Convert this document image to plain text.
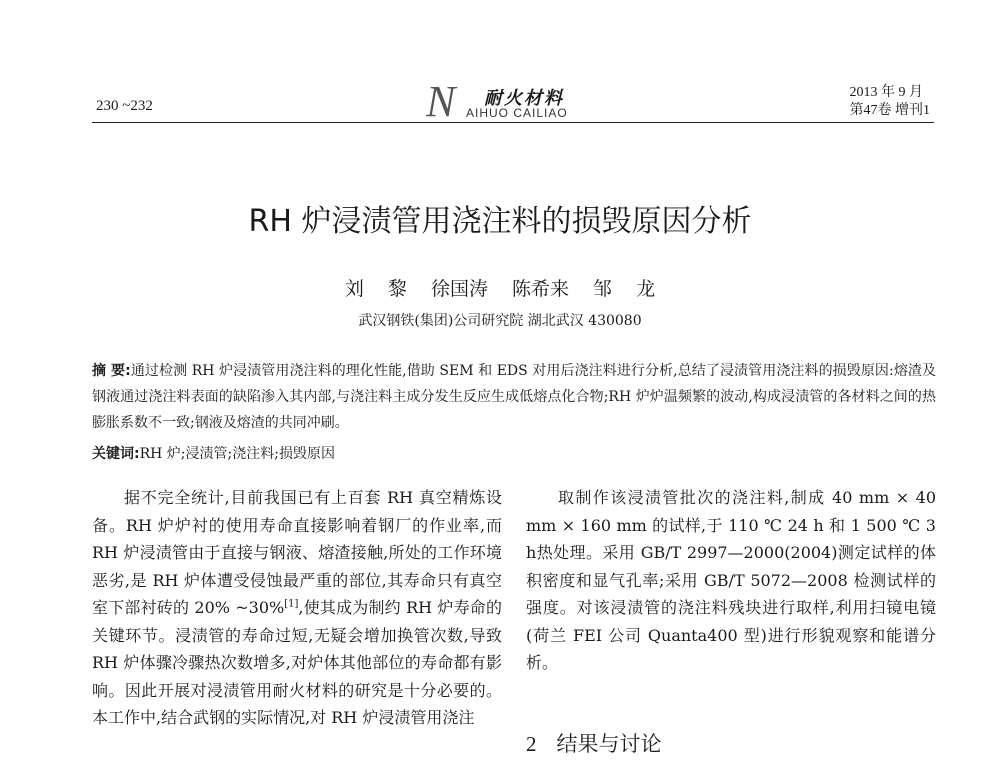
230 ~232	N 耐火材料
AIHUO CAILIAO
2013 年 9 月
第47卷 增刊1
RH 炉浸渍管用浇注料的损毁原因分析
刘 黎 徐国涛 陈希来 邹 龙
武汉钢铁(集团)公司研究院 湖北武汉 430080
摘 要:通过检测 RH 炉浸渍管用浇注料的理化性能,借助 SEM 和 EDS 对用后浇注料进行分析,总结了浸渍管用浇注料的损毁原因:熔渣及钢液通过浇注料表面的缺陷渗入其内部,与浇注料主成分发生反应生成低熔点化合物;RH 炉炉温频繁的波动,构成浸渍管的各材料之间的热膨胀系数不一致;钢液及熔渣的共同冲刷。
关键词:RH 炉;浸渍管;浇注料;损毁原因

据不完全统计,目前我国已有上百套 RH 真空精炼设备。RH 炉炉衬的使用寿命直接影响着钢厂的作业率,而 RH 炉浸渍管由于直接与钢液、熔渣接触,所处的工作环境恶劣,是 RH 炉体遭受侵蚀最严重的部位,其寿命只有真空室下部衬砖的 20% ~30%[1],使其成为制约 RH 炉寿命的关键环节。浸渍管的寿命过短,无疑会增加换管次数,导致 RH 炉体骤冷骤热次数增多,对炉体其他部位的寿命都有影响。因此开展对浸渍管用耐火材料的研究是十分必要的。本工作中,结合武钢的实际情况,对 RH 炉浸渍管用浇注

取制作该浸渍管批次的浇注料,制成 40 mm × 40 mm × 160 mm 的试样,于 110 ℃ 24 h 和 1 500 ℃ 3 h热处理。采用 GB/T 2997—2000(2004)测定试样的体积密度和显气孔率;采用 GB/T 5072—2008 检测试样的强度。对该浸渍管的浇注料残块进行取样,利用扫镜电镜(荷兰 FEI 公司 Quanta400 型)进行形貌观察和能谱分析。

2 结果与讨论
